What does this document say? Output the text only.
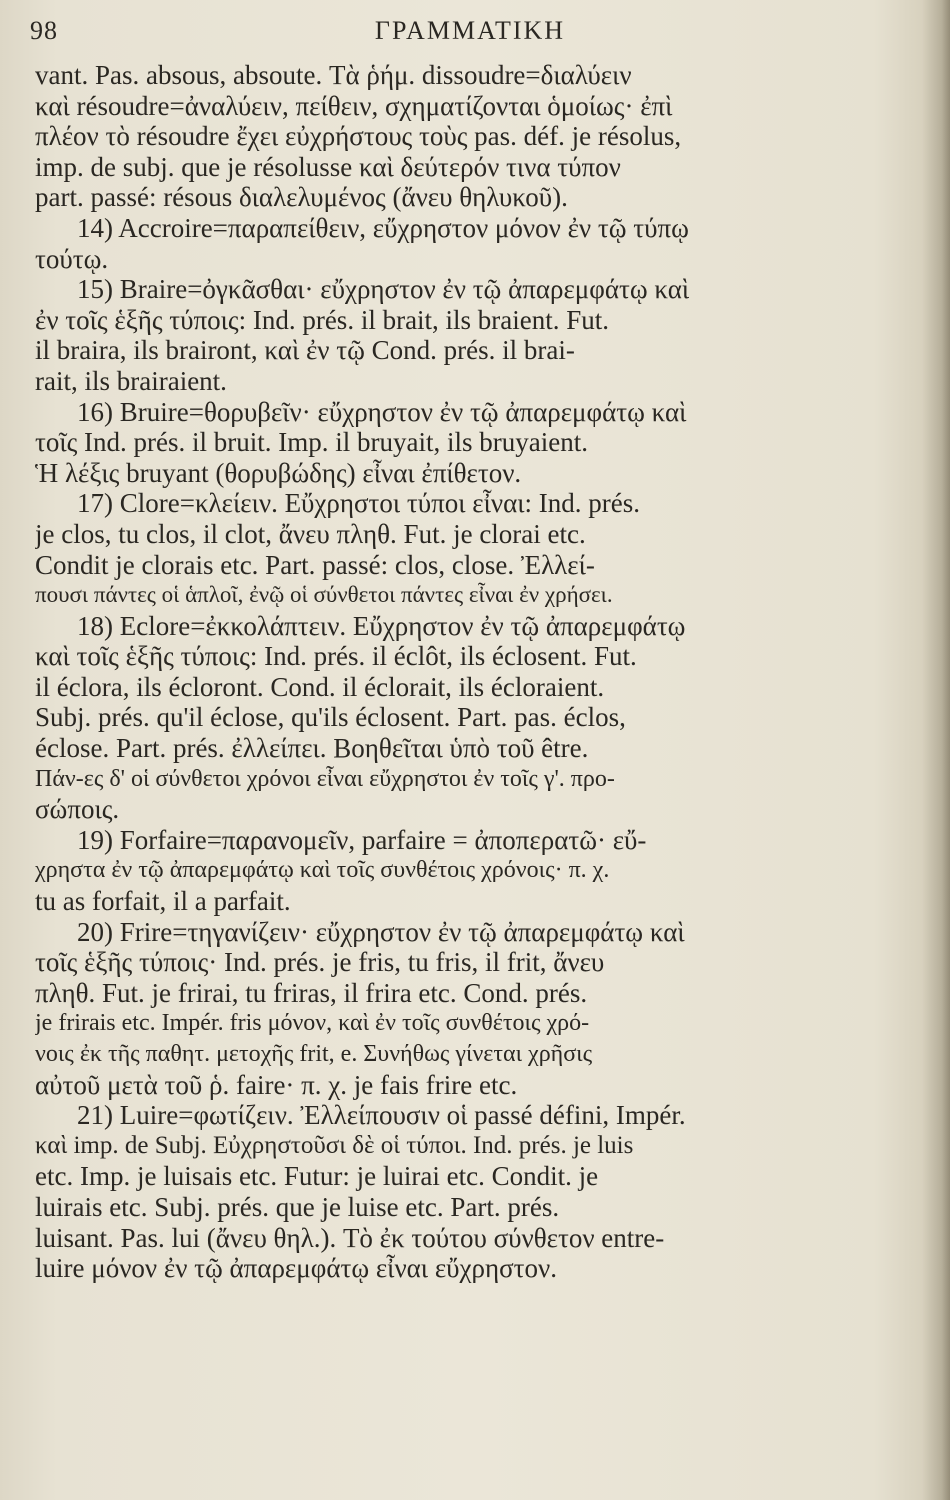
98	ΓΡΑΜΜΑΤΙΚΗ
vant. Pas. absous, absoute. Τὰ ῥήμ. dissoudre=διαλύειν
καὶ résoudre=ἀναλύειν, πείθειν, σχηματίζονται ὁμοίως· ἐπὶ
πλέον τὸ résoudre ἔχει εὐχρήστους τοὺς pas. déf. je résolus,
imp. de subj. que je résolusse καὶ δεύτερόν τινα τύπον
part. passé: résous διαλελυμένος (ἄνευ θηλυκοῦ).
14) Accroire=παραπείθειν, εὔχρηστον μόνον ἐν τῷ τύπῳ
τούτῳ.
15) Braire=ὀγκᾶσθαι· εὔχρηστον ἐν τῷ ἀπαρεμφάτῳ καὶ
ἐν τοῖς ἑξῆς τύποις: Ind. prés. il brait, ils braient. Fut.
il braira, ils brairont, καὶ ἐν τῷ Cond. prés. il brai-
rait, ils brairaient.
16) Bruire=θορυβεῖν· εὔχρηστον ἐν τῷ ἀπαρεμφάτῳ καὶ
τοῖς Ind. prés. il bruit. Imp. il bruyait, ils bruyaient.
Ἡ λέξις bruyant (θορυβώδης) εἶναι ἐπίθετον.
17) Clore=κλείειν. Εὔχρηστοι τύποι εἶναι: Ind. prés.
je clos, tu clos, il clot, ἄνευ πληθ. Fut. je clorai etc.
Condit je clorais etc. Part. passé: clos, close. Ἐλλεί-
πουσι πάντες οἱ ἁπλοῖ, ἐνῷ οἱ σύνθετοι πάντες εἶναι ἐν χρήσει.
18) Eclore=ἐκκολάπτειν. Εὔχρηστον ἐν τῷ ἀπαρεμφάτῳ
καὶ τοῖς ἑξῆς τύποις: Ind. prés. il éclôt, ils éclosent. Fut.
il éclora, ils écloront. Cond. il éclorait, ils écloraient.
Subj. prés. qu'il éclose, qu'ils éclosent. Part. pas. éclos,
éclose. Part. prés. ἐλλείπει. Βοηθεῖται ὑπὸ τοῦ être.
Πάν-ες δ' οἱ σύνθετοι χρόνοι εἶναι εὔχρηστοι ἐν τοῖς γ'. προ-
σώποις.
19) Forfaire=παρανομεῖν, parfaire = ἀποπερατῶ· εὔ-
χρηστα ἐν τῷ ἀπαρεμφάτῳ καὶ τοῖς συνθέτοις χρόνοις· π. χ.
tu as forfait, il a parfait.
20) Frire=τηγανίζειν· εὔχρηστον ἐν τῷ ἀπαρεμφάτῳ καὶ
τοῖς ἑξῆς τύποις· Ind. prés. je fris, tu fris, il frit, ἄνευ
πληθ. Fut. je frirai, tu friras, il frira etc. Cond. prés.
je frirais etc. Impér. fris μόνον, καὶ ἐν τοῖς συνθέτοις χρό-
νοις ἐκ τῆς παθητ. μετοχῆς frit, e. Συνήθως γίνεται χρῆσις
αὐτοῦ μετὰ τοῦ ῥ. faire· π. χ. je fais frire etc.
21) Luire=φωτίζειν. Ἐλλείπουσιν οἱ passé défini, Impér.
καὶ imp. de Subj. Εὐχρηστοῦσι δὲ οἱ τύποι. Ind. prés. je luis
etc. Imp. je luisais etc. Futur: je luirai etc. Condit. je
luirais etc. Subj. prés. que je luise etc. Part. prés.
luisant. Pas. lui (ἄνευ θηλ.). Τὸ ἐκ τούτου σύνθετον entre-
luire μόνον ἐν τῷ ἀπαρεμφάτῳ εἶναι εὔχρηστον.
